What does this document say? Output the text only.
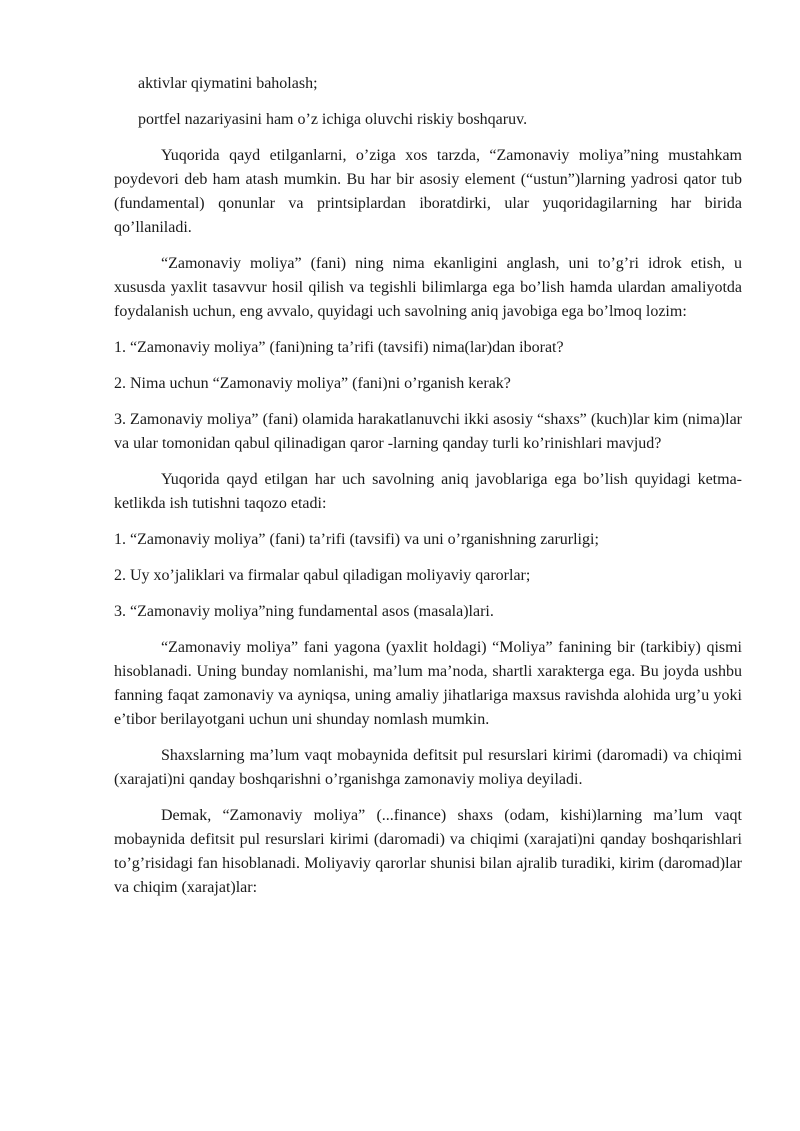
aktivlar qiymatini baholash;

portfel nazariyasini ham o’z ichiga oluvchi riskiy boshqaruv.

Yuqorida qayd etilganlarni, o’ziga xos tarzda, “Zamonaviy moliya”ning mustahkam poydevori deb ham atash mumkin. Bu har bir asosiy element (“ustun”)larning yadrosi qator tub (fundamental) qonunlar va printsiplardan iboratdirki, ular yuqoridagilarning har birida qo’llaniladi.

“Zamonaviy moliya” (fani) ning nima ekanligini anglash, uni to’g’ri idrok etish, u xususda yaxlit tasavvur hosil qilish va tegishli bilimlarga ega bo’lish hamda ulardan amaliyotda foydalanish uchun, eng avvalo, quyidagi uch savolning aniq javobiga ega bo’lmoq lozim:

1. “Zamonaviy moliya” (fani)ning ta’rifi (tavsifi) nima(lar)dan iborat?

2. Nima uchun “Zamonaviy moliya” (fani)ni o’rganish kerak?

3. Zamonaviy moliya” (fani) olamida harakatlanuvchi ikki asosiy “shaxs” (kuch)lar kim (nima)lar va ular tomonidan qabul qilinadigan qaror -larning qanday turli ko’rinishlari mavjud?

Yuqorida qayd etilgan har uch savolning aniq javoblariga ega bo’lish quyidagi ketma-ketlikda ish tutishni taqozo etadi:

1. “Zamonaviy moliya” (fani) ta’rifi (tavsifi) va uni o’rganishning zarurligi;

2. Uy xo’jaliklari va firmalar qabul qiladigan moliyaviy qarorlar;

3. “Zamonaviy moliya”ning fundamental asos (masala)lari.

“Zamonaviy moliya” fani yagona (yaxlit holdagi) “Moliya” fanining bir (tarkibiy) qismi hisoblanadi. Uning bunday nomlanishi, ma’lum ma’noda, shartli xarakterga ega. Bu joyda ushbu fanning faqat zamonaviy va ayniqsa, uning amaliy jihatlariga maxsus ravishda alohida urg’u yoki e’tibor berilayotgani uchun uni shunday nomlash mumkin.

Shaxslarning ma’lum vaqt mobaynida defitsit pul resurslari kirimi (daromadi) va chiqimi (xarajati)ni qanday boshqarishni o’rganishga zamonaviy moliya deyiladi.

Demak, “Zamonaviy moliya” (...finance) shaxs (odam, kishi)larning ma’lum vaqt mobaynida defitsit pul resurslari kirimi (daromadi) va chiqimi (xarajati)ni qanday boshqarishlari to’g’risidagi fan hisoblanadi. Moliyaviy qarorlar shunisi bilan ajralib turadiki, kirim (daromad)lar va chiqim (xarajat)lar:
